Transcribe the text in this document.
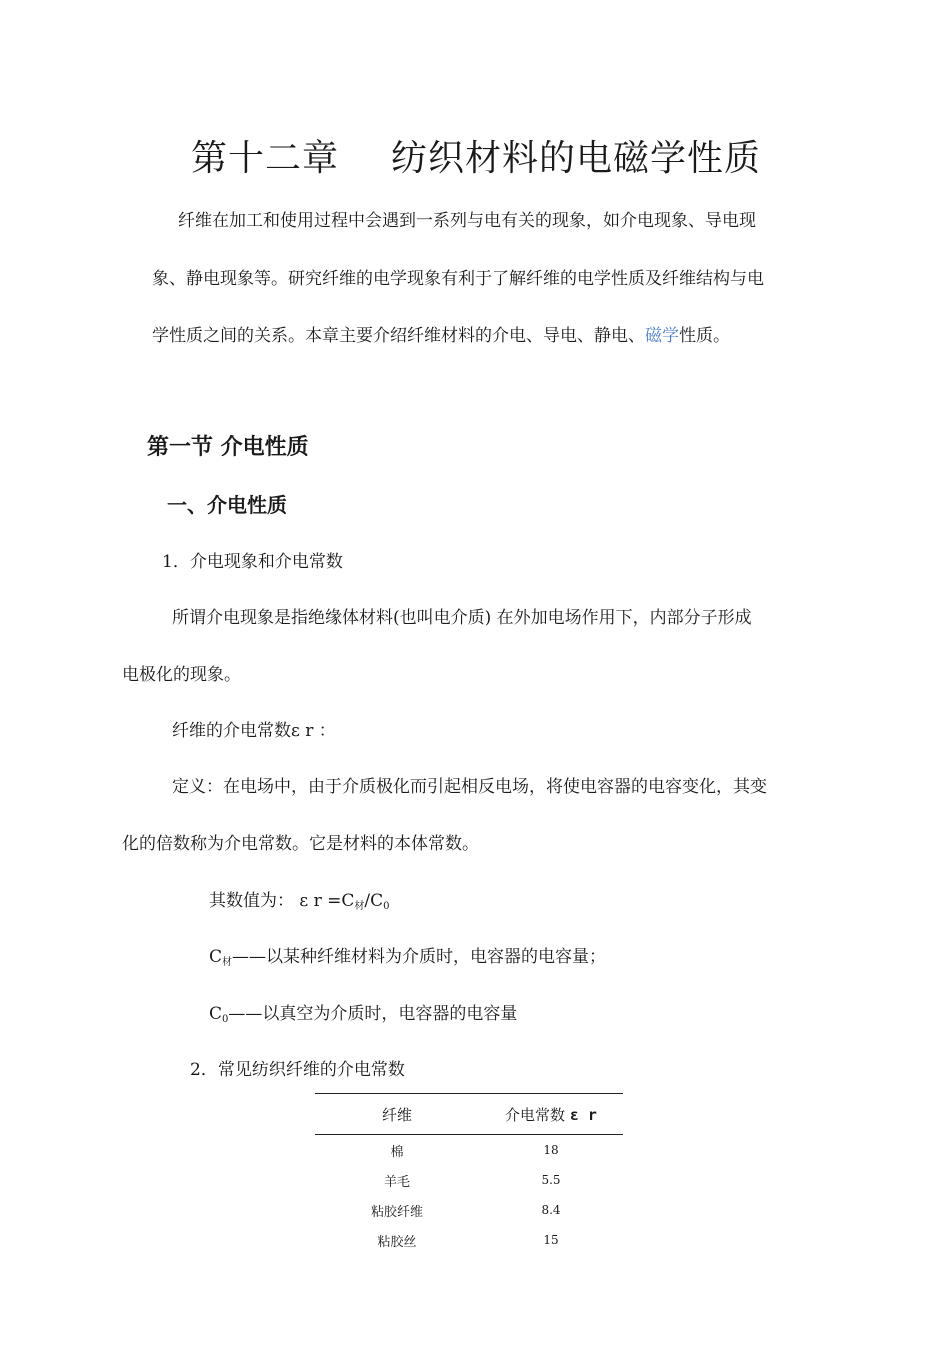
第十二章 纺织材料的电磁学性质
纤维在加工和使用过程中会遇到一系列与电有关的现象，如介电现象、导电现
象、静电现象等。研究纤维的电学现象有利于了解纤维的电学性质及纤维结构与电
学性质之间的关系。本章主要介绍纤维材料的介电、导电、静电、磁学性质。
第一节 介电性质
一、介电性质
1．介电现象和介电常数
所谓介电现象是指绝缘体材料(也叫电介质) 在外加电场作用下，内部分子形成
电极化的现象。
纤维的介电常数ε r ：
定义：在电场中，由于介质极化而引起相反电场，将使电容器的电容变化，其变
化的倍数称为介电常数。它是材料的本体常数。
其数值为： ε $r =C_材/C_0$
$C_材——$以某种纤维材料为介质时，电容器的电容量；
$C_0——$以真空为介质时，电容器的电容量
2．常见纺织纤维的介电常数
纤维	介电常数 ε r
棉	18
羊毛	5.5
粘胶纤维	8.4
粘胶丝	15
